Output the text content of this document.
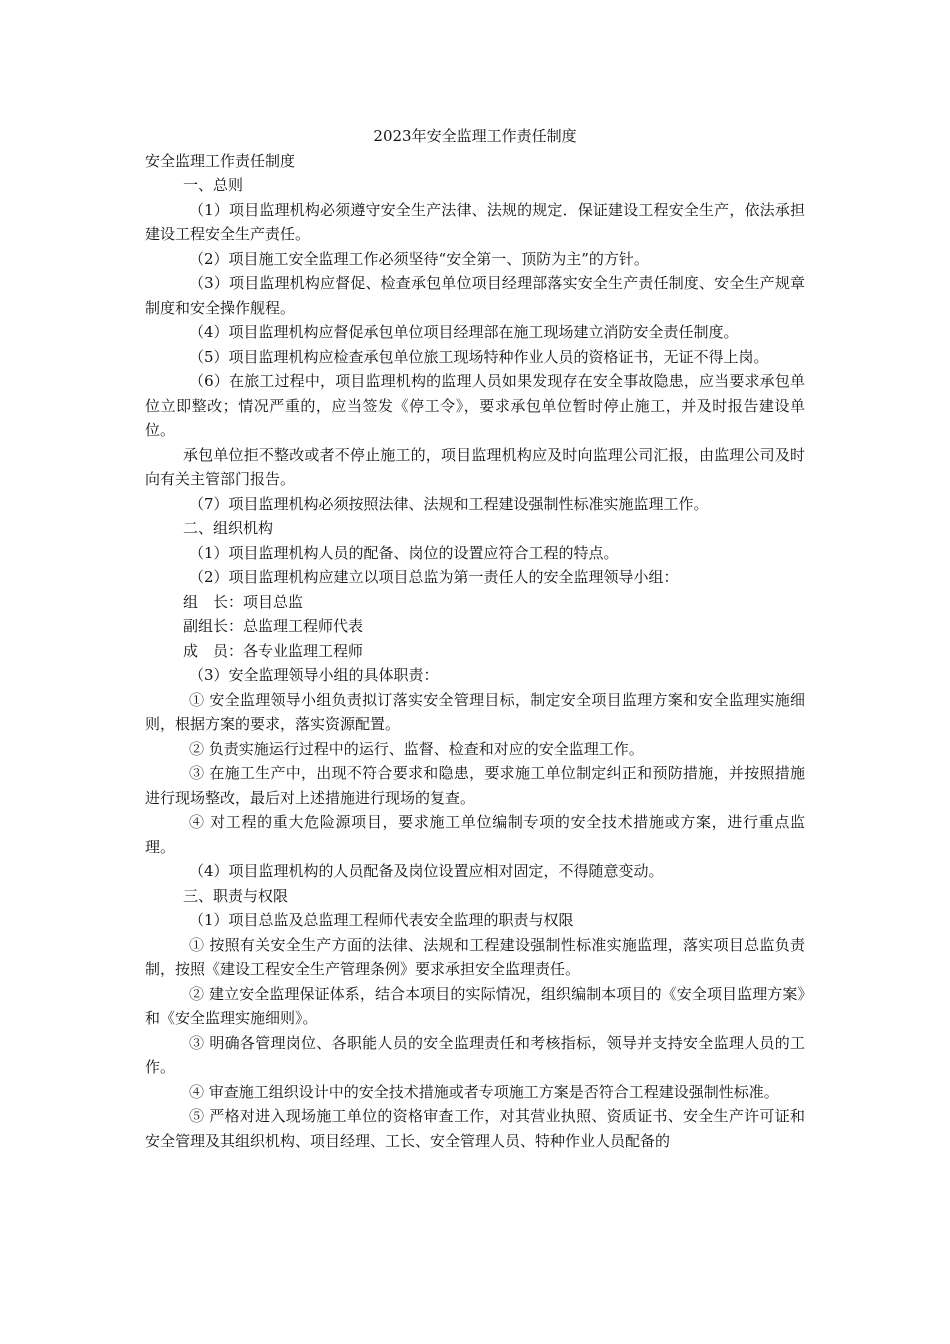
2023年安全监理工作责任制度

安全监理工作责任制度

一、总则

（1）项目监理机构必须遵守安全生产法律、法规的规定．保证建设工程安全生产，依法承担建设工程安全生产责任。

（2）项目施工安全监理工作必须坚待“安全第一、顶防为主”的方针。

（3）项目监理机构应督促、检查承包单位项目经理部落实安全生产责任制度、安全生产规章制度和安全操作舰程。

（4）项目监理机构应督促承包单位项目经理部在施工现场建立消防安全责任制度。

（5）项目监理机构应检查承包单位旅工现场特种作业人员的资格证书，无证不得上岗。

（6）在旅工过程中，项目监理机构的监理人员如果发现存在安全事故隐患，应当要求承包单位立即整改；情况严重的，应当签发《停工令》，要求承包单位暂时停止施工，并及时报告建设单位。

承包单位拒不整改或者不停止施工的，项目监理机构应及时向监理公司汇报，由监理公司及时向有关主管部门报告。

（7）项目监理机构必须按照法律、法规和工程建设强制性标准实施监理工作。

二、组织机构

（1）项目监理机构人员的配备、岗位的设置应符合工程的特点。

（2）项目监理机构应建立以项目总监为第一责任人的安全监理领导小组：

组　长：项目总监

副组长：总监理工程师代表

成　员：各专业监理工程师

（3）安全监理领导小组的具体职责：

① 安全监理领导小组负责拟订落实安全管理目标，制定安全项目监理方案和安全监理实施细则，根据方案的要求，落实资源配置。

② 负责实施运行过程中的运行、监督、检查和对应的安全监理工作。

③ 在施工生产中，出现不符合要求和隐患，要求施工单位制定纠正和预防措施，并按照措施进行现场整改，最后对上述措施进行现场的复查。

④ 对工程的重大危险源项目，要求施工单位编制专项的安全技术措施或方案，进行重点监理。

（4）项目监理机构的人员配备及岗位设置应相对固定，不得随意变动。

三、职责与权限

（1）项目总监及总监理工程师代表安全监理的职责与权限

① 按照有关安全生产方面的法律、法规和工程建设强制性标准实施监理，落实项目总监负责制，按照《建设工程安全生产管理条例》要求承担安全监理责任。

② 建立安全监理保证体系，结合本项目的实际情况，组织编制本项目的《安全项目监理方案》和《安全监理实施细则》。

③ 明确各管理岗位、各职能人员的安全监理责任和考核指标，领导并支持安全监理人员的工作。

④ 审查施工组织设计中的安全技术措施或者专项施工方案是否符合工程建设强制性标准。

⑤ 严格对进入现场施工单位的资格审查工作，对其营业执照、资质证书、安全生产许可证和安全管理及其组织机构、项目经理、工长、安全管理人员、特种作业人员配备的
